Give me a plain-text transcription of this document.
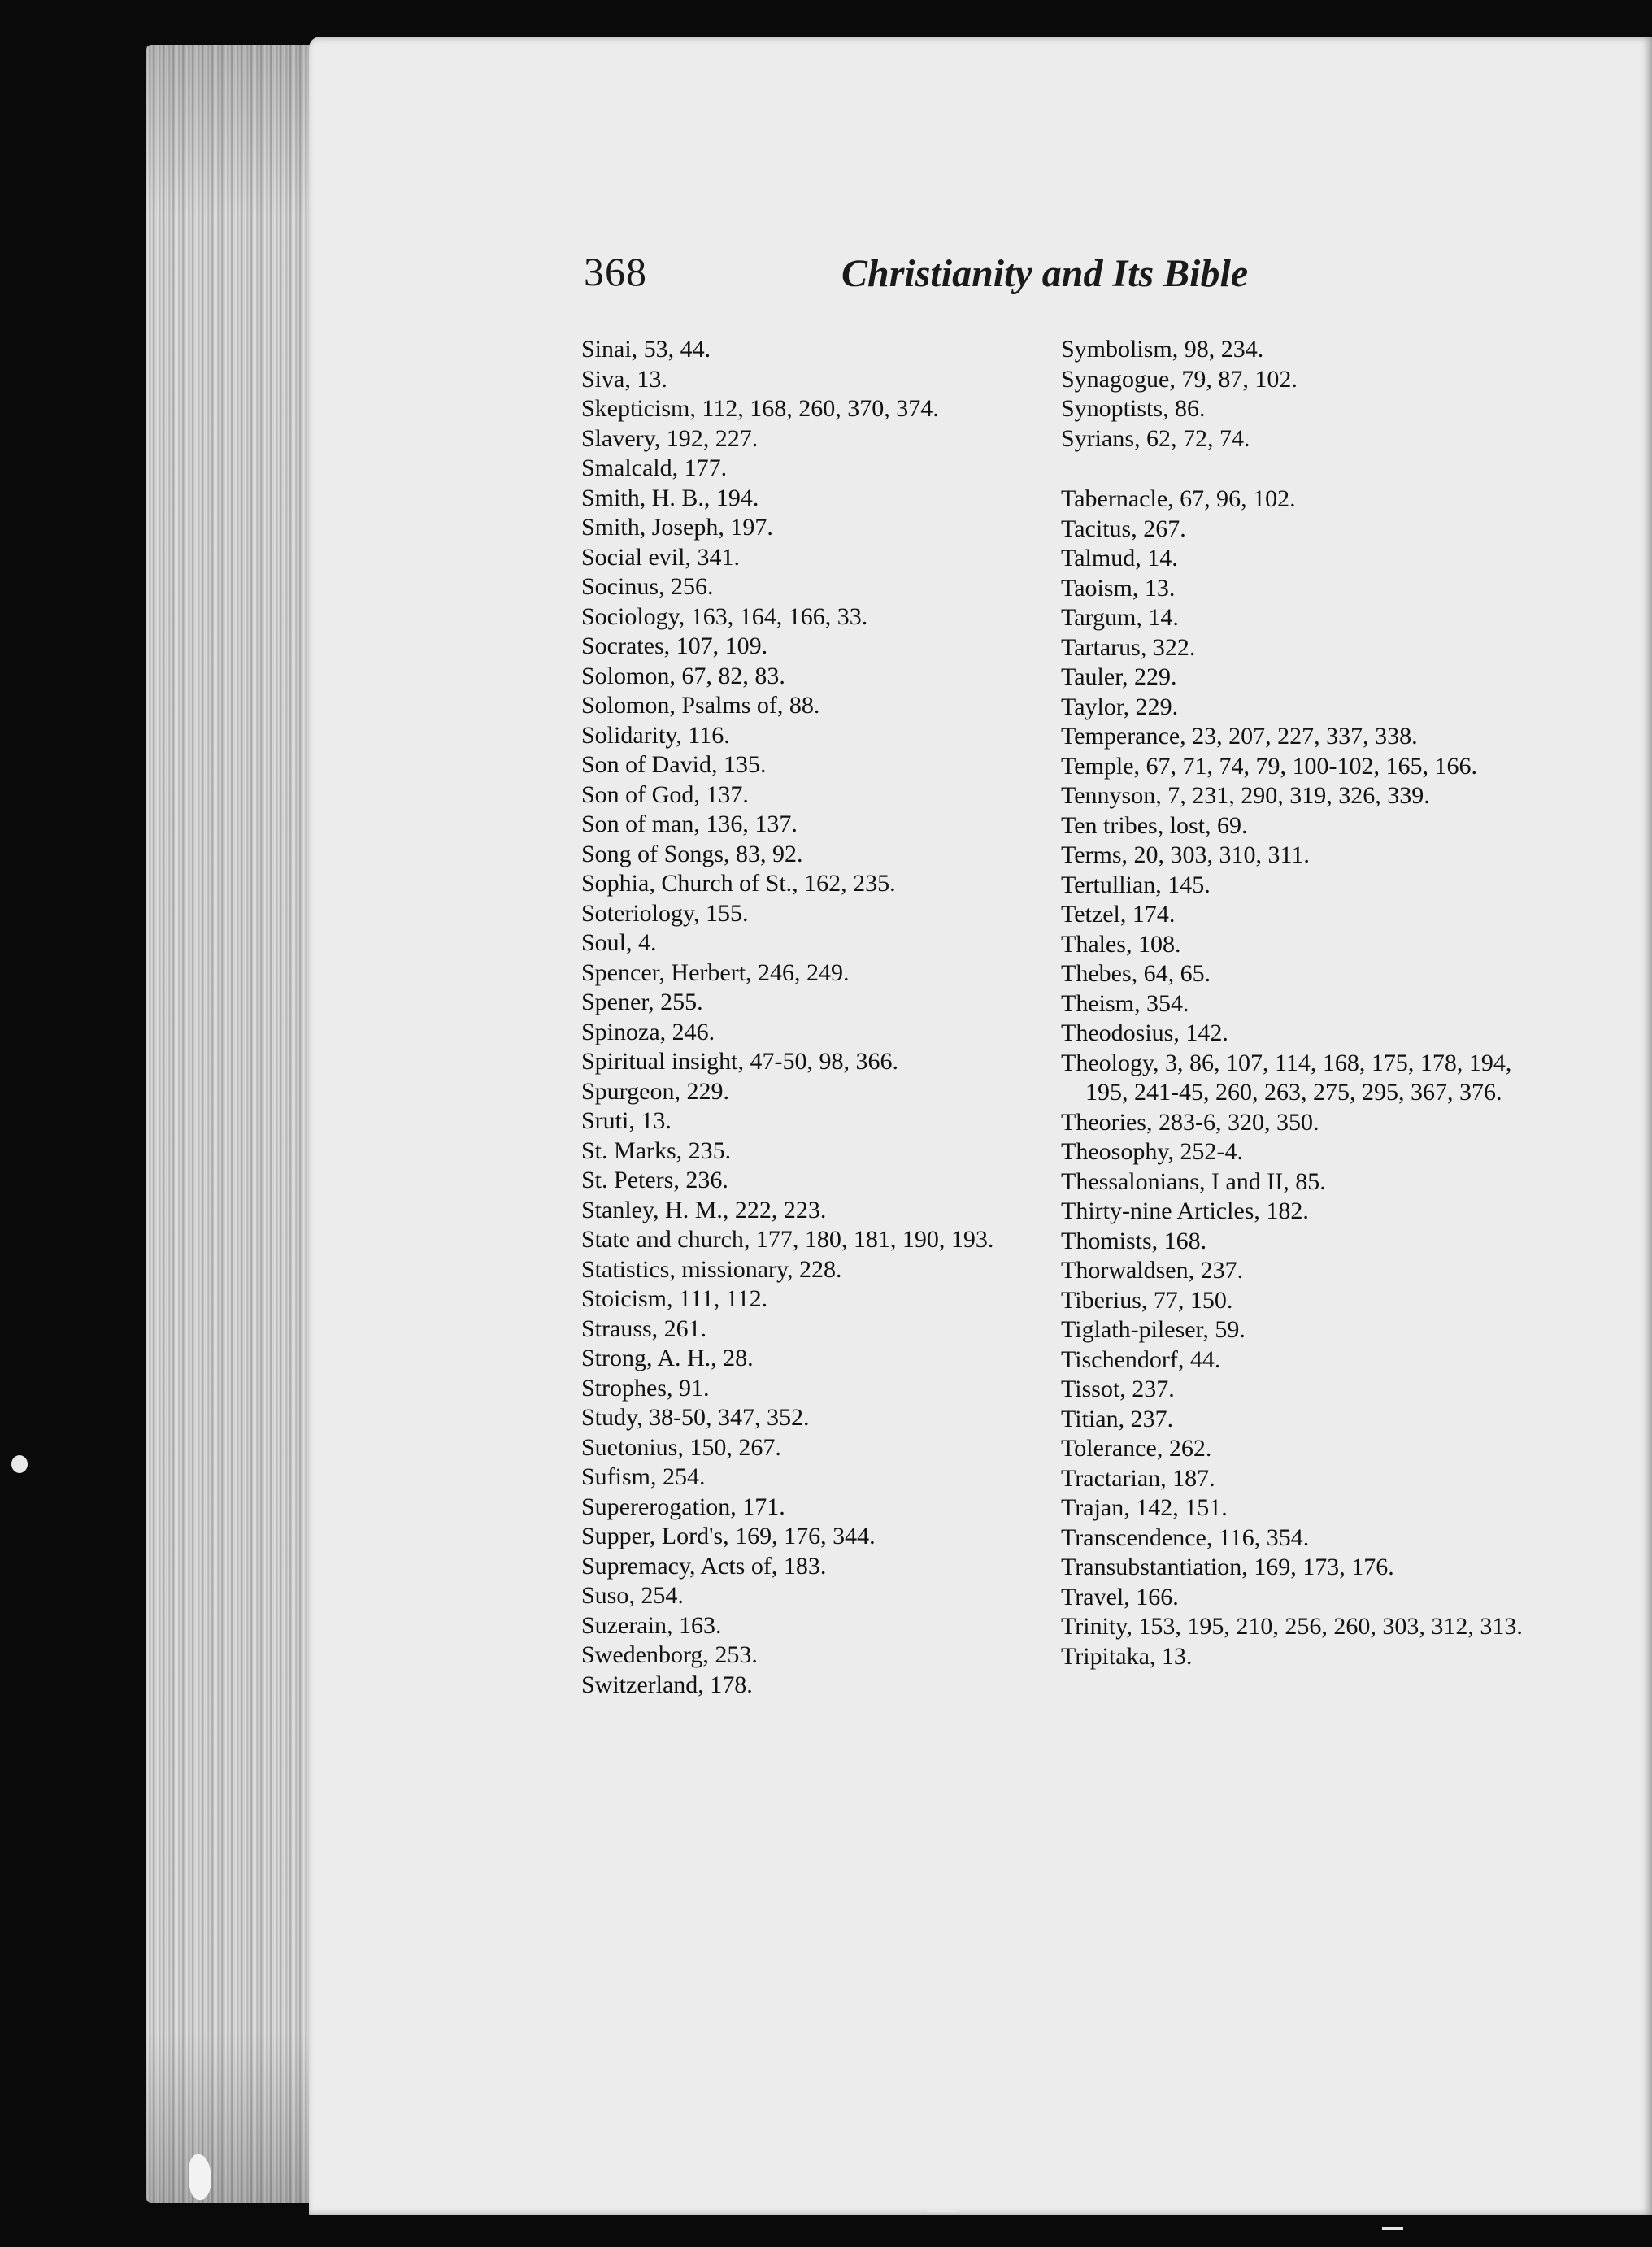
368	Christianity and Its Bible
Sinai, 53, 44.
Siva, 13.
Skepticism, 112, 168, 260, 370, 374.
Slavery, 192, 227.
Smalcald, 177.
Smith, H. B., 194.
Smith, Joseph, 197.
Social evil, 341.
Socinus, 256.
Sociology, 163, 164, 166, 33.
Socrates, 107, 109.
Solomon, 67, 82, 83.
Solomon, Psalms of, 88.
Solidarity, 116.
Son of David, 135.
Son of God, 137.
Son of man, 136, 137.
Song of Songs, 83, 92.
Sophia, Church of St., 162, 235.
Soteriology, 155.
Soul, 4.
Spencer, Herbert, 246, 249.
Spener, 255.
Spinoza, 246.
Spiritual insight, 47-50, 98, 366.
Spurgeon, 229.
Sruti, 13.
St. Marks, 235.
St. Peters, 236.
Stanley, H. M., 222, 223.
State and church, 177, 180, 181, 190, 193.
Statistics, missionary, 228.
Stoicism, 111, 112.
Strauss, 261.
Strong, A. H., 28.
Strophes, 91.
Study, 38-50, 347, 352.
Suetonius, 150, 267.
Sufism, 254.
Supererogation, 171.
Supper, Lord's, 169, 176, 344.
Supremacy, Acts of, 183.
Suso, 254.
Suzerain, 163.
Swedenborg, 253.
Switzerland, 178.
Symbolism, 98, 234.
Synagogue, 79, 87, 102.
Synoptists, 86.
Syrians, 62, 72, 74.
Tabernacle, 67, 96, 102.
Tacitus, 267.
Talmud, 14.
Taoism, 13.
Targum, 14.
Tartarus, 322.
Tauler, 229.
Taylor, 229.
Temperance, 23, 207, 227, 337, 338.
Temple, 67, 71, 74, 79, 100-102, 165, 166.
Tennyson, 7, 231, 290, 319, 326, 339.
Ten tribes, lost, 69.
Terms, 20, 303, 310, 311.
Tertullian, 145.
Tetzel, 174.
Thales, 108.
Thebes, 64, 65.
Theism, 354.
Theodosius, 142.
Theology, 3, 86, 107, 114, 168, 175, 178, 194, 195, 241-45, 260, 263, 275, 295, 367, 376.
Theories, 283-6, 320, 350.
Theosophy, 252-4.
Thessalonians, I and II, 85.
Thirty-nine Articles, 182.
Thomists, 168.
Thorwaldsen, 237.
Tiberius, 77, 150.
Tiglath-pileser, 59.
Tischendorf, 44.
Tissot, 237.
Titian, 237.
Tolerance, 262.
Tractarian, 187.
Trajan, 142, 151.
Transcendence, 116, 354.
Transubstantiation, 169, 173, 176.
Travel, 166.
Trinity, 153, 195, 210, 256, 260, 303, 312, 313.
Tripitaka, 13.
